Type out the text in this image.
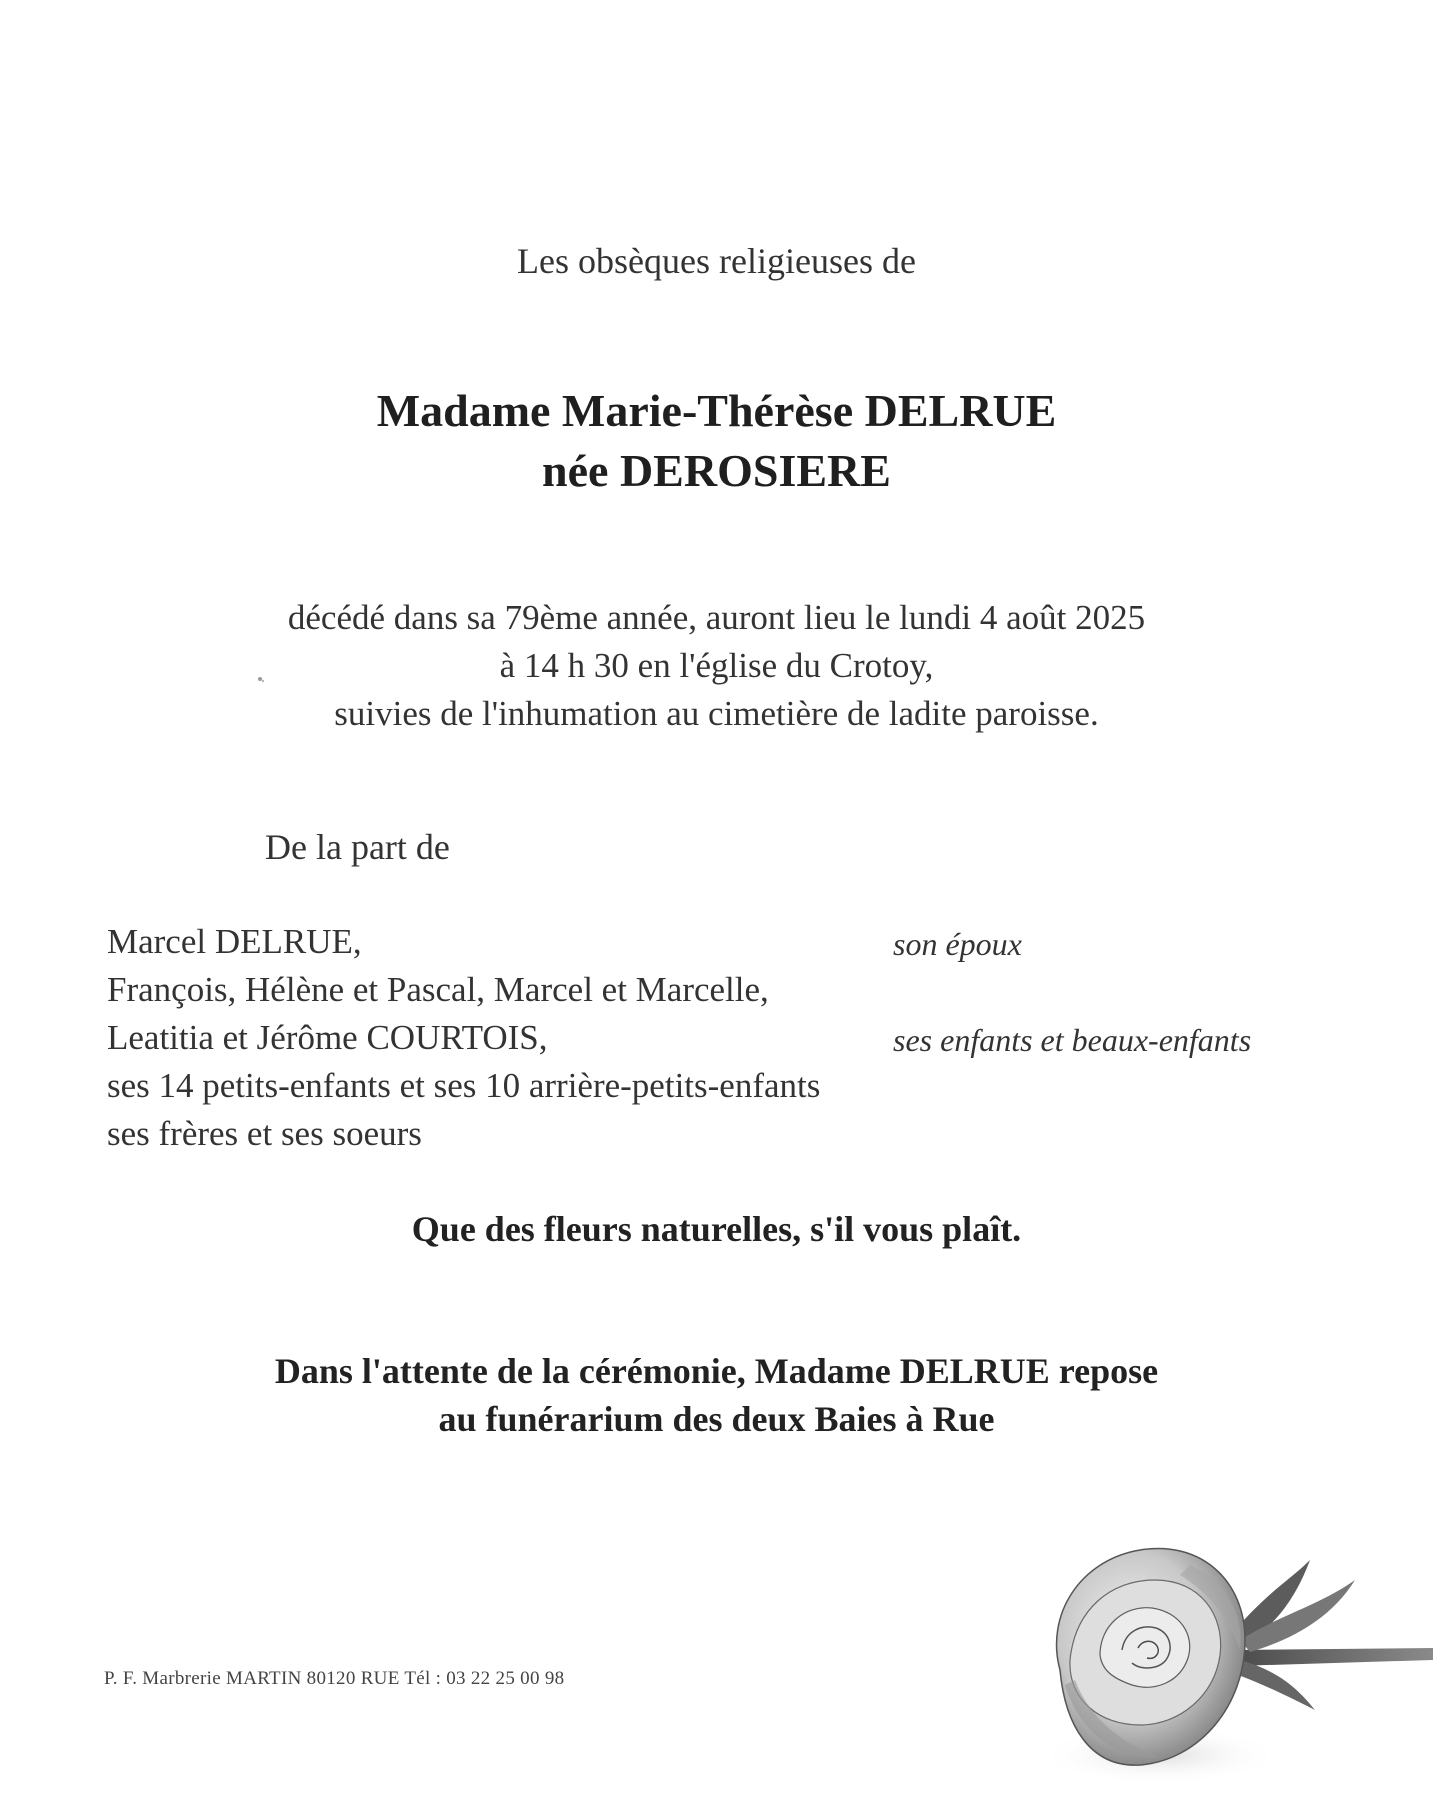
Les obsèques religieuses de
Madame Marie-Thérèse DELRUE
née DEROSIERE
décédé dans sa 79ème année, auront lieu le lundi 4 août 2025
à 14 h 30 en l'église du Crotoy,
suivies de l'inhumation au cimetière de ladite paroisse.
De la part de
Marcel DELRUE,
François, Hélène et Pascal, Marcel et Marcelle,
Leatitia et Jérôme COURTOIS,
ses 14 petits-enfants et ses 10 arrière-petits-enfants
ses frères et ses soeurs
son époux
ses enfants et beaux-enfants
Que des fleurs naturelles, s'il vous plaît.
Dans l'attente de la cérémonie, Madame DELRUE repose
au funérarium des deux Baies à Rue
P. F. Marbrerie MARTIN 80120 RUE Tél : 03 22 25 00 98
